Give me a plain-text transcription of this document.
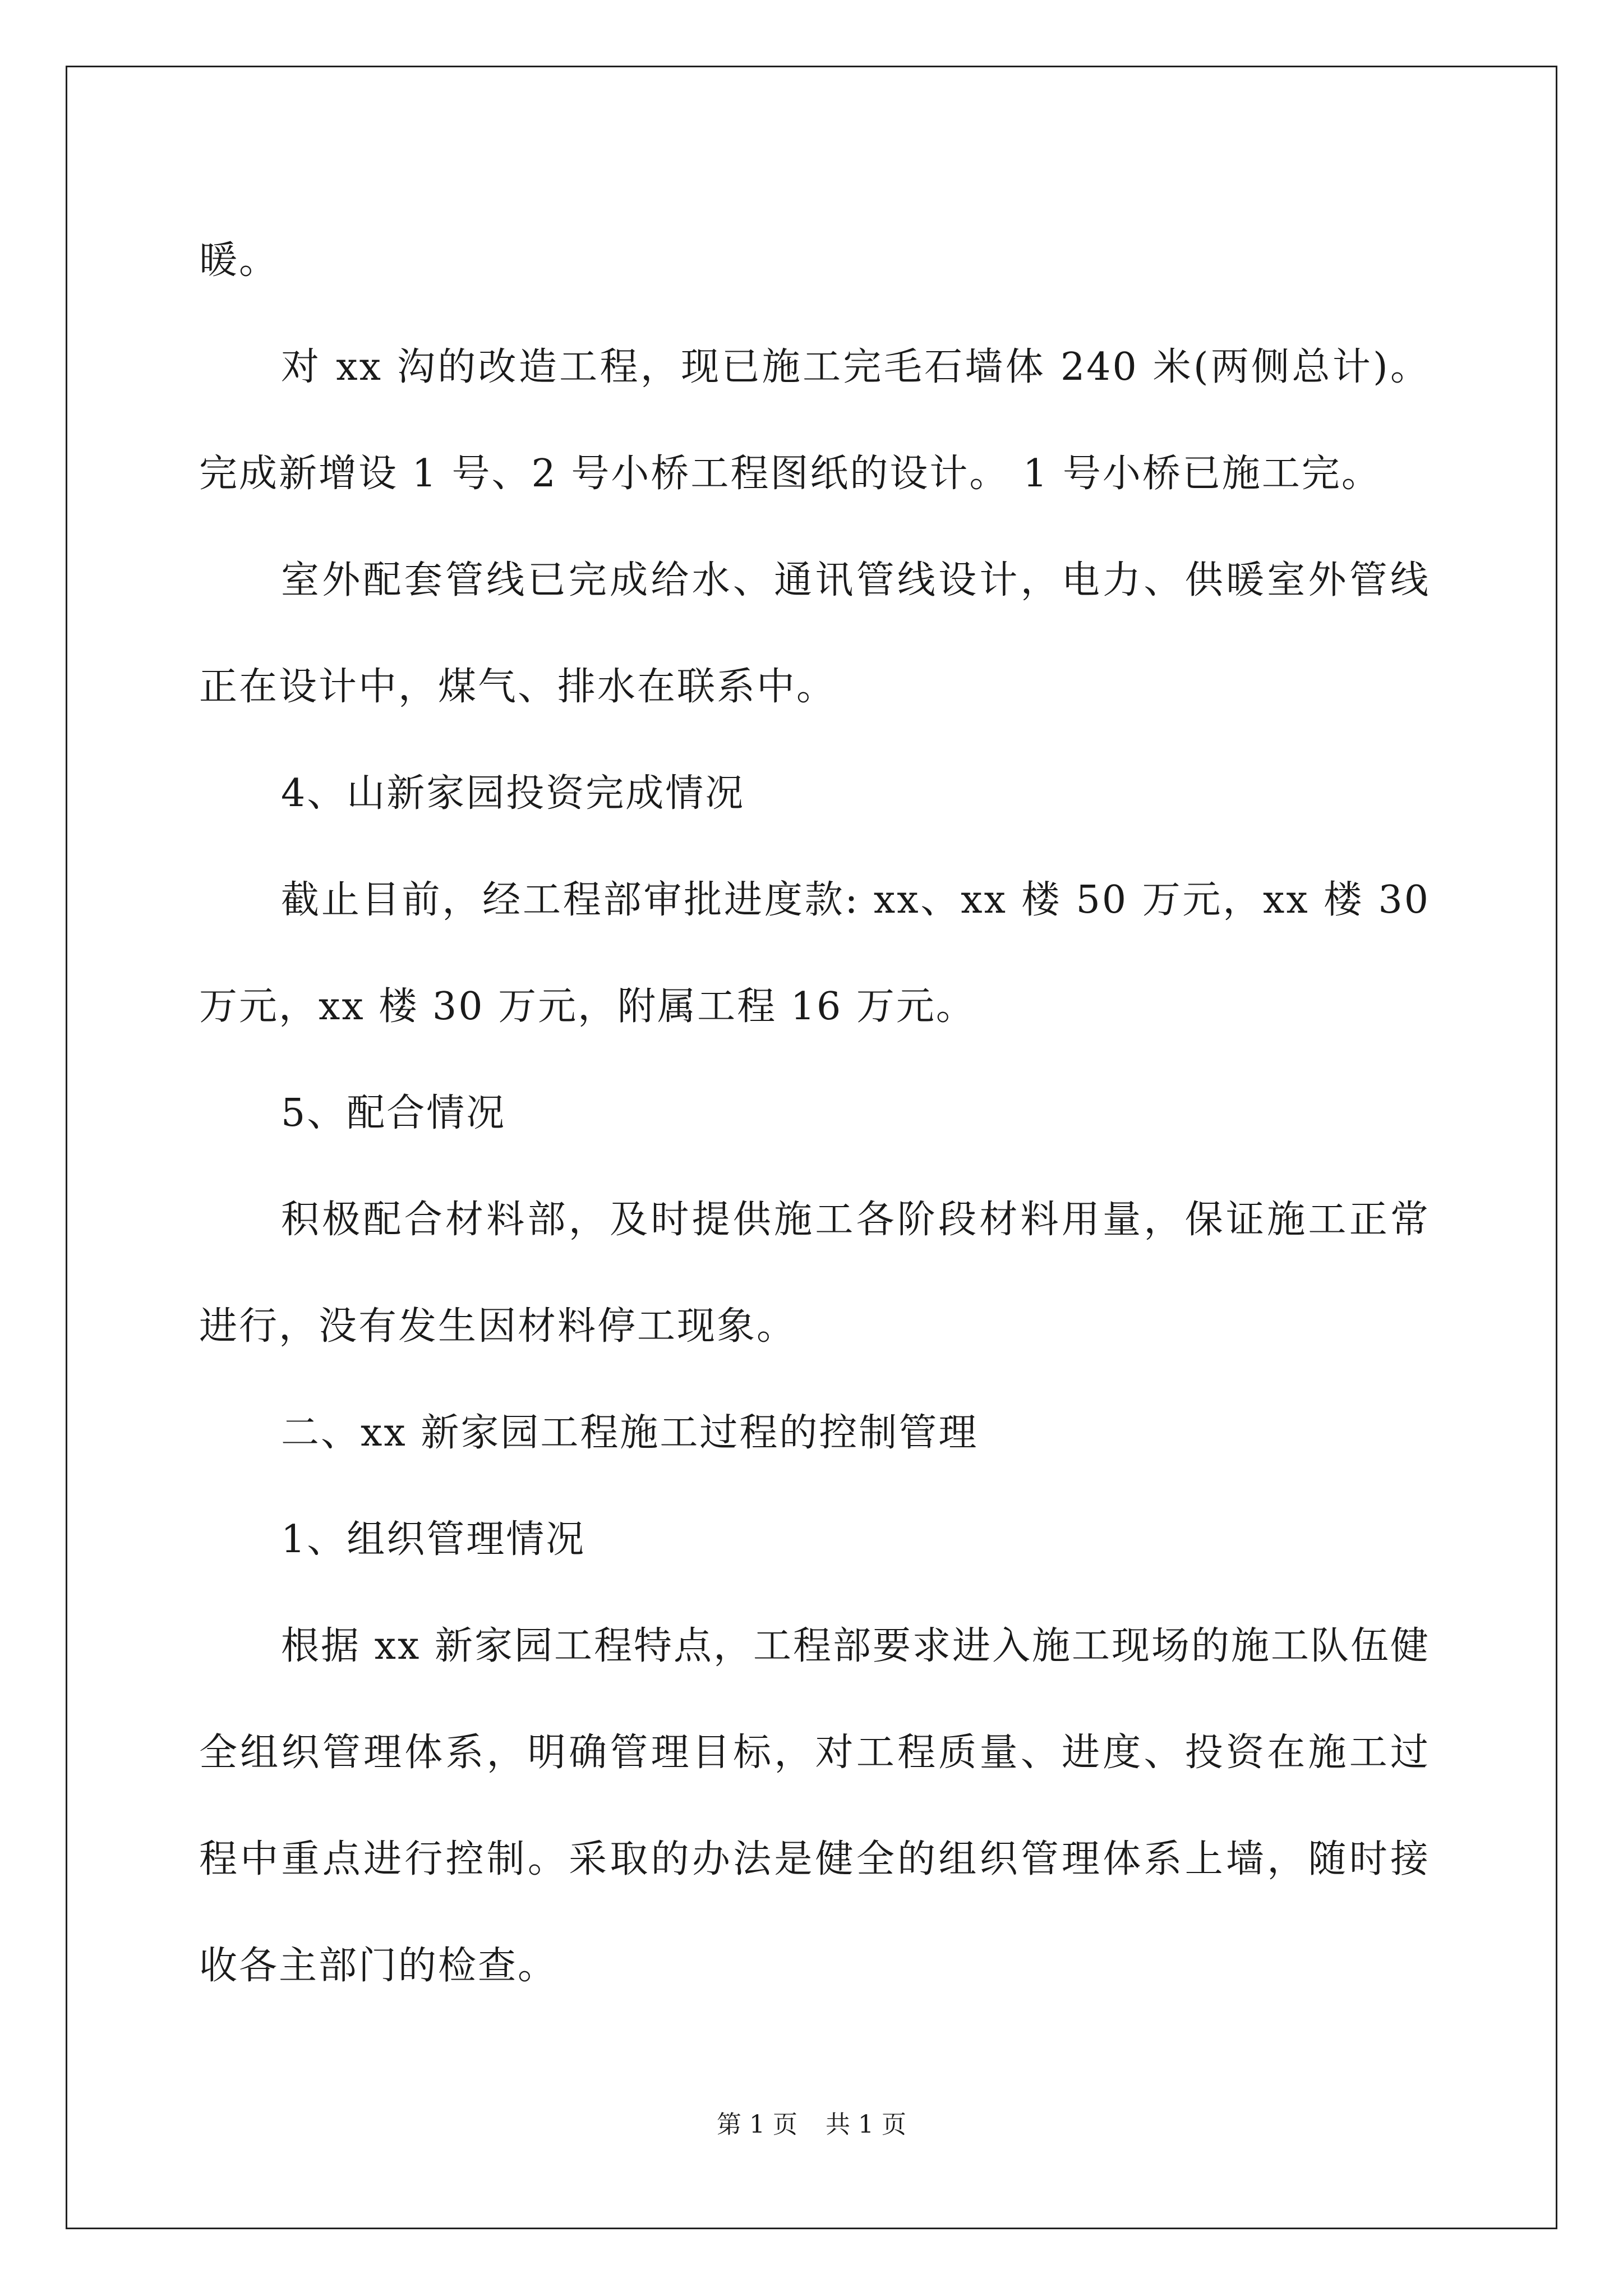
暖。

对 xx 沟的改造工程，现已施工完毛石墙体 240 米(两侧总计)。完成新增设 1 号、2 号小桥工程图纸的设计。 1 号小桥已施工完。

室外配套管线已完成给水、通讯管线设计，电力、供暖室外管线正在设计中，煤气、排水在联系中。

4、山新家园投资完成情况

截止目前，经工程部审批进度款: xx、xx 楼 50 万元，xx 楼 30 万元，xx 楼 30 万元，附属工程 16 万元。

5、配合情况

积极配合材料部，及时提供施工各阶段材料用量，保证施工正常进行，没有发生因材料停工现象。

二、xx 新家园工程施工过程的控制管理

1、组织管理情况

根据 xx 新家园工程特点，工程部要求进入施工现场的施工队伍健全组织管理体系，明确管理目标，对工程质量、进度、投资在施工过程中重点进行控制。采取的办法是健全的组织管理体系上墙，随时接收各主部门的检查。

第 1 页 共 1 页
